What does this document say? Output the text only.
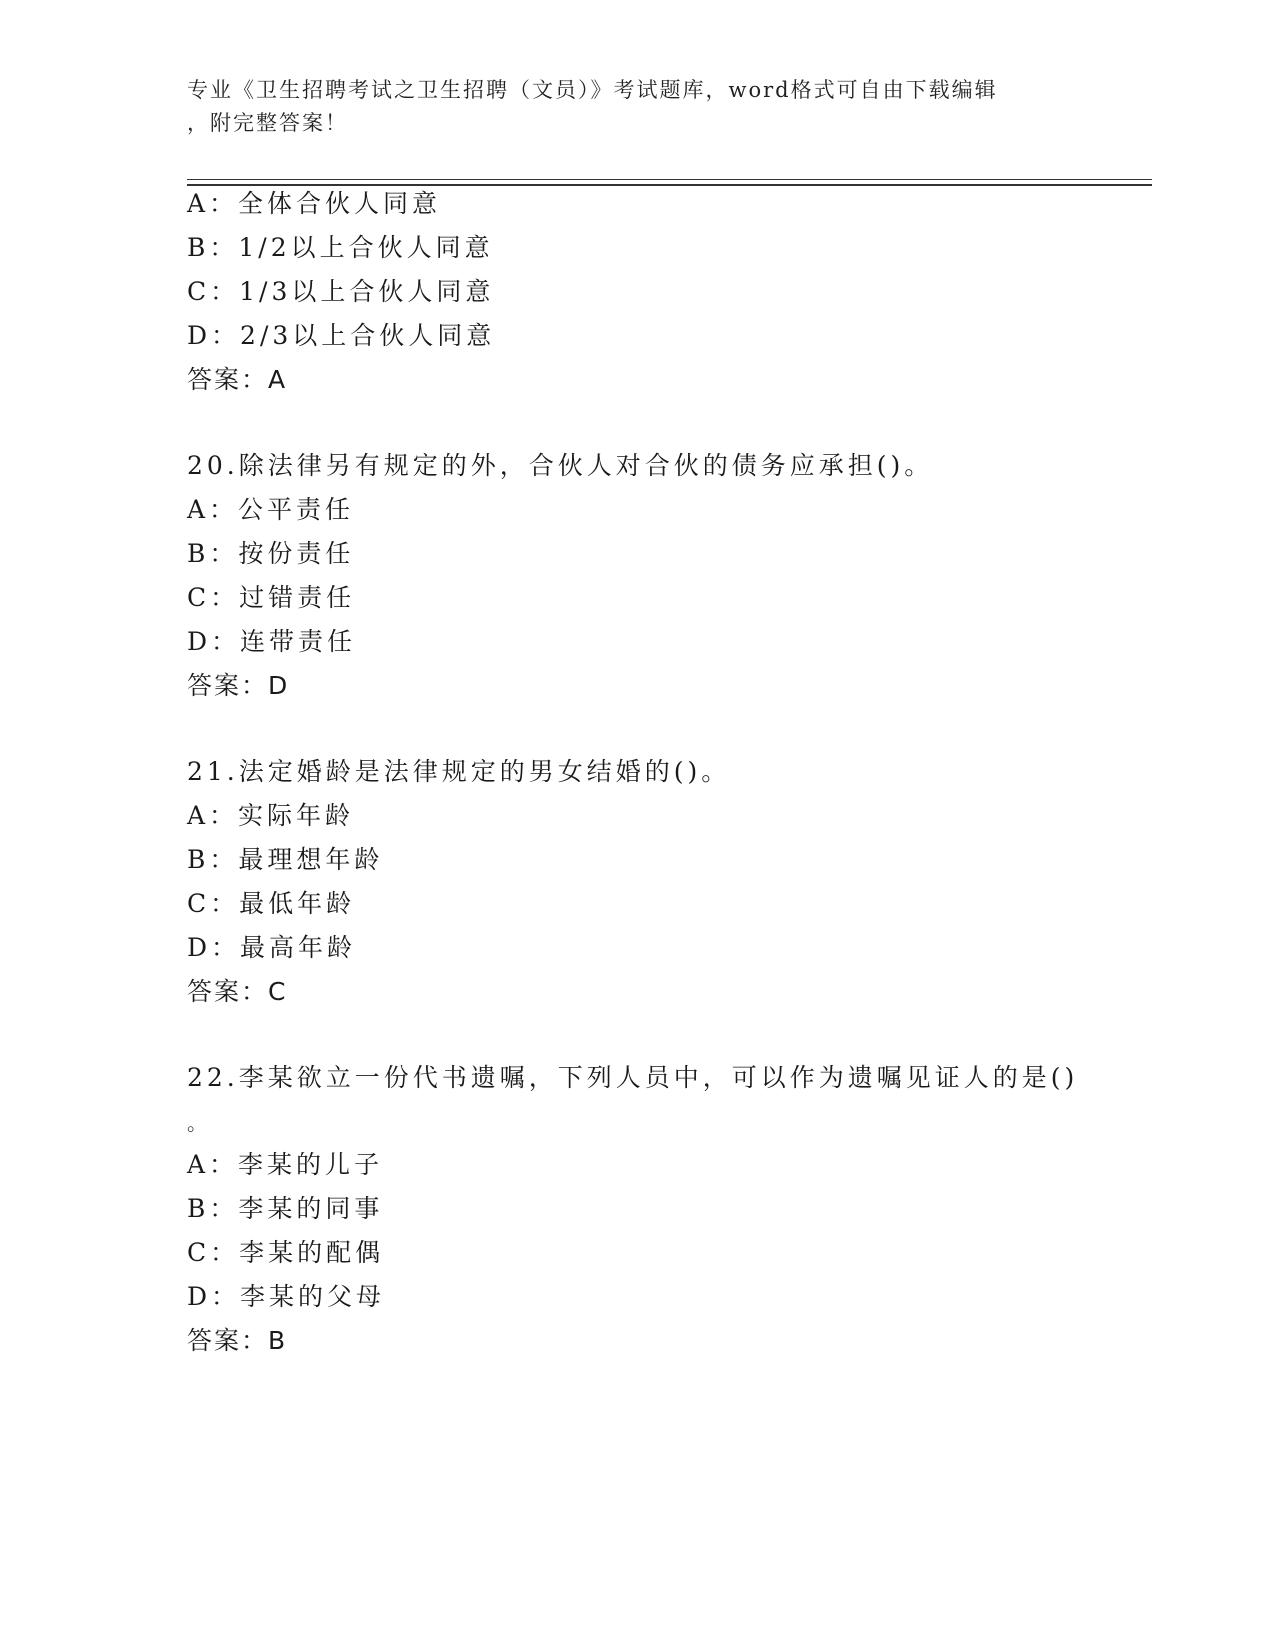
专业《卫生招聘考试之卫生招聘（文员）》考试题库，word格式可自由下载编辑
，附完整答案！
A：全体合伙人同意
B：1/2以上合伙人同意
C：1/3以上合伙人同意
D：2/3以上合伙人同意
答案：A
20.除法律另有规定的外，合伙人对合伙的债务应承担()。
A：公平责任
B：按份责任
C：过错责任
D：连带责任
答案：D
21.法定婚龄是法律规定的男女结婚的()。
A：实际年龄
B：最理想年龄
C：最低年龄
D：最高年龄
答案：C
22.李某欲立一份代书遗嘱，下列人员中，可以作为遗嘱见证人的是()
。
A：李某的儿子
B：李某的同事
C：李某的配偶
D：李某的父母
答案：B
